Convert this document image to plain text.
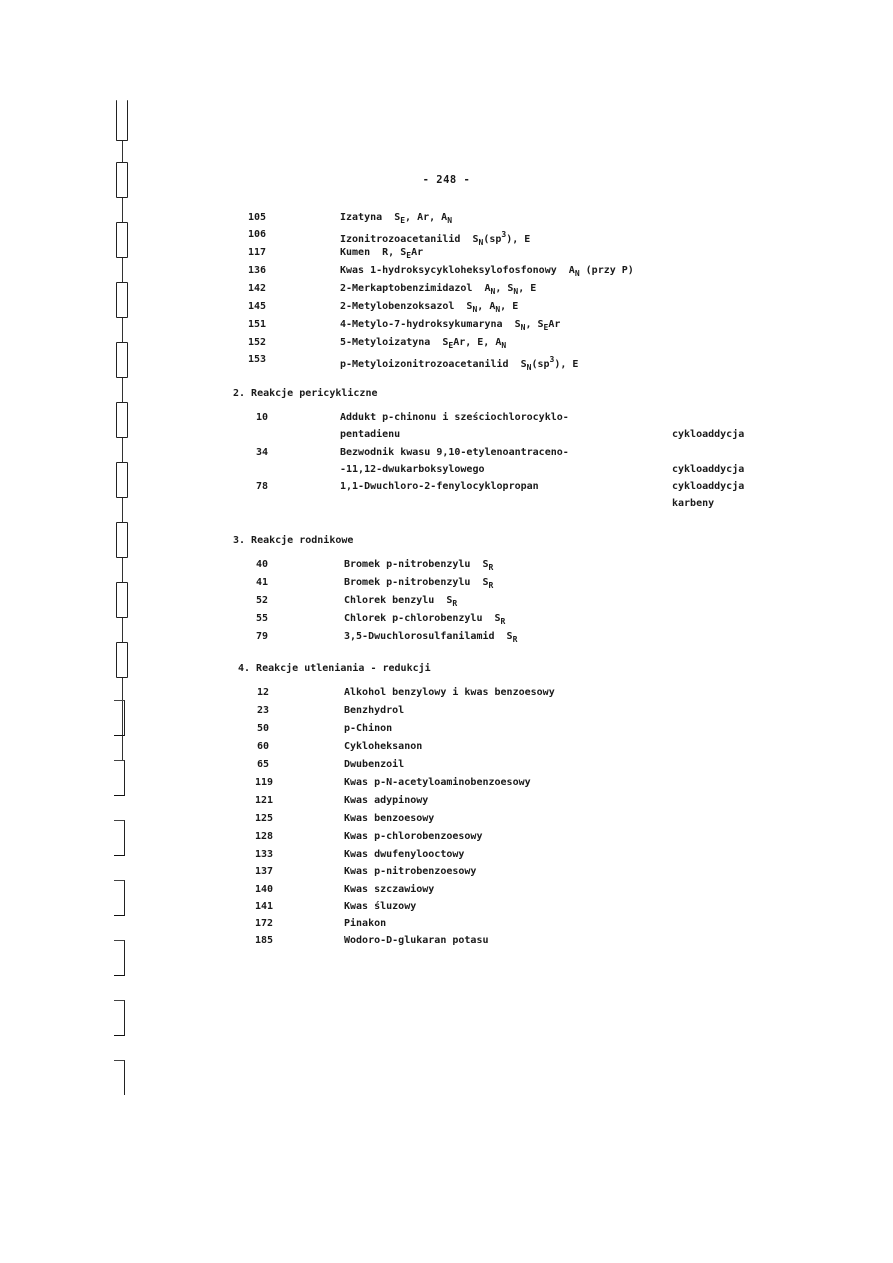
- 248 -
105	Izatyna  $S_E$, Ar, $A_N$
106	Izonitrozoacetanilid  $S_N(sp^3)$, E
117	Kumen  R, $S_EAr$
136	Kwas 1-hydroksycykloheksylofosfonowy  $A_N$ (przy P)
142	2-Merkaptobenzimidazol  $A_N$, $S_N$, E
145	2-Metylobenzoksazol  $S_N$, $A_N$, E
151	4-Metylo-7-hydroksykumaryna  $S_N$, $S_EAr$
152	5-Metyloizatyna  $S_EAr$, E, $A_N$
153	p-Metyloizonitrozoacetanilid  $S_N(sp^3)$, E
2. Reakcje pericykliczne
10	Addukt p-chinonu i sześciochlorocyklo-
pentadienu	cykloaddycja
34	Bezwodnik kwasu 9,10-etylenoantraceno-
-11,12-dwukarboksylowego	cykloaddycja
78	1,1-Dwuchloro-2-fenylocyklopropan	cykloaddycja
karbeny
3. Reakcje rodnikowe
40	Bromek p-nitrobenzylu  $S_R$
41	Bromek p-nitrobenzylu  $S_R$
52	Chlorek benzylu  $S_R$
55	Chlorek p-chlorobenzylu  $S_R$
79	3,5-Dwuchlorosulfanilamid  $S_R$
4. Reakcje utleniania - redukcji
12	Alkohol benzylowy i kwas benzoesowy
23	Benzhydrol
50	p-Chinon
60	Cykloheksanon
65	Dwubenzoil
119	Kwas p-N-acetyloaminobenzoesowy
121	Kwas adypinowy
125	Kwas benzoesowy
128	Kwas p-chlorobenzoesowy
133	Kwas dwufenylooctowy
137	Kwas p-nitrobenzoesowy
140	Kwas szczawiowy
141	Kwas śluzowy
172	Pinakon
185	Wodoro-D-glukaran potasu
